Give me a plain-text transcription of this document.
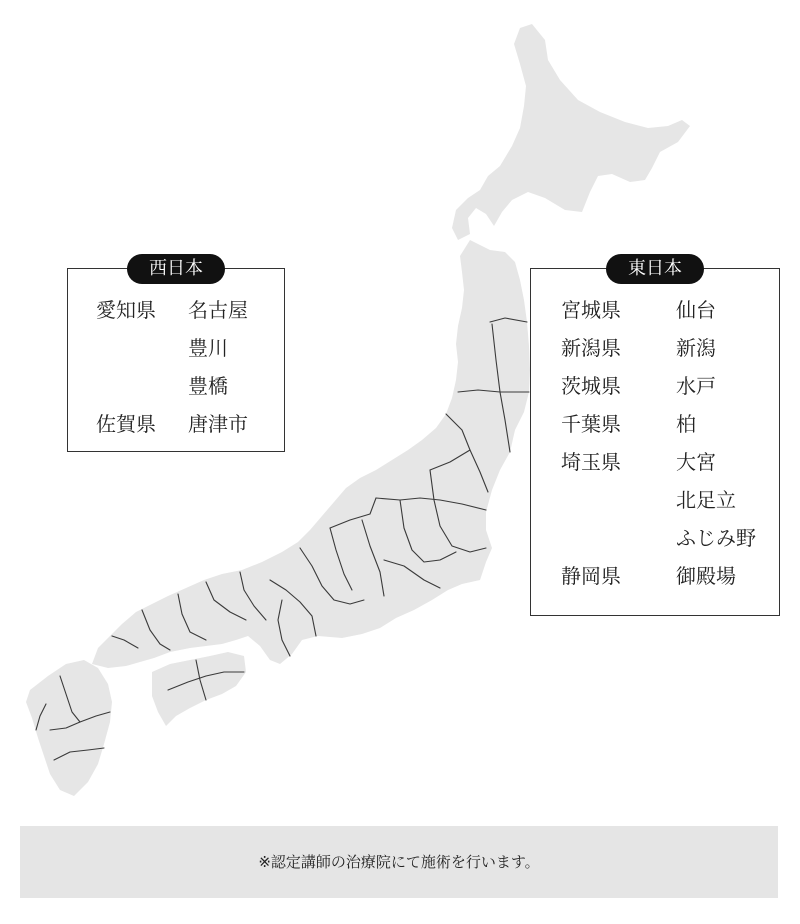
西日本
愛知県 名古屋
豊川
豊橋
佐賀県 唐津市
東日本
宮城県	仙台
新潟県	新潟
茨城県	水戸
千葉県	柏
埼玉県	大宮
北足立
ふじみ野
静岡県	御殿場
※認定講師の治療院にて施術を行います。
